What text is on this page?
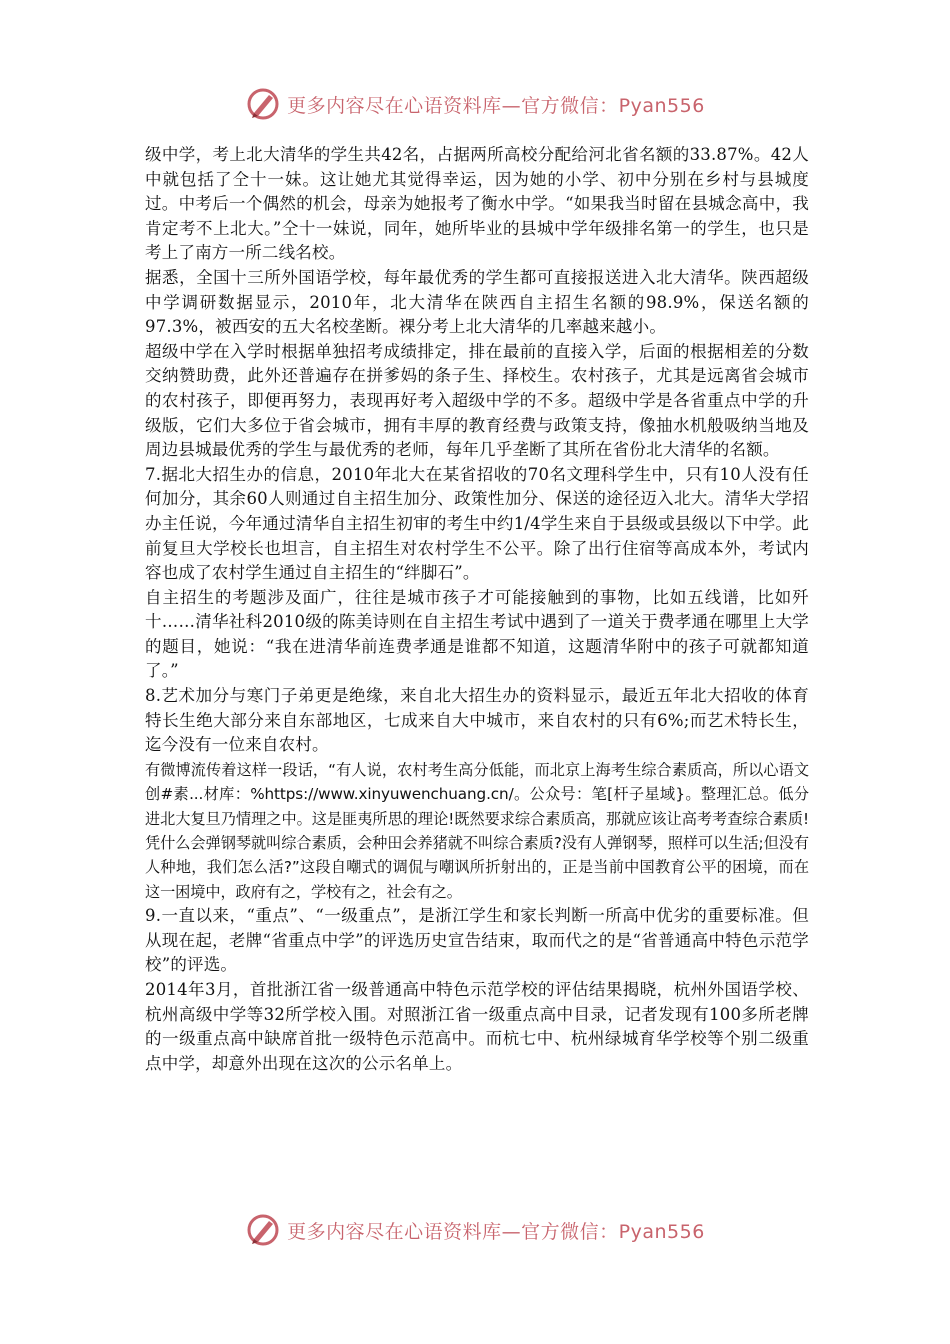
更多内容尽在心语资料库—官方微信：Pyan556

级中学，考上北大清华的学生共42名，占据两所高校分配给河北省名额的33.87%。42人中就包括了仝十一妹。这让她尤其觉得幸运，因为她的小学、初中分别在乡村与县城度过。中考后一个偶然的机会，母亲为她报考了衡水中学。“如果我当时留在县城念高中，我肯定考不上北大。”仝十一妹说，同年，她所毕业的县城中学年级排名第一的学生，也只是考上了南方一所二线名校。

据悉，全国十三所外国语学校，每年最优秀的学生都可直接报送进入北大清华。陕西超级中学调研数据显示，2010年，北大清华在陕西自主招生名额的98.9%，保送名额的97.3%，被西安的五大名校垄断。裸分考上北大清华的几率越来越小。

超级中学在入学时根据单独招考成绩排定，排在最前的直接入学，后面的根据相差的分数交纳赞助费，此外还普遍存在拼爹妈的条子生、择校生。农村孩子，尤其是远离省会城市的农村孩子，即便再努力，表现再好考入超级中学的不多。超级中学是各省重点中学的升级版，它们大多位于省会城市，拥有丰厚的教育经费与政策支持，像抽水机般吸纳当地及周边县城最优秀的学生与最优秀的老师，每年几乎垄断了其所在省份北大清华的名额。

7.据北大招生办的信息，2010年北大在某省招收的70名文理科学生中，只有10人没有任何加分，其余60人则通过自主招生加分、政策性加分、保送的途径迈入北大。清华大学招办主任说，今年通过清华自主招生初审的考生中约1/4学生来自于县级或县级以下中学。此前复旦大学校长也坦言，自主招生对农村学生不公平。除了出行住宿等高成本外，考试内容也成了农村学生通过自主招生的“绊脚石”。

自主招生的考题涉及面广，往往是城市孩子才可能接触到的事物，比如五线谱，比如歼十……清华社科2010级的陈美诗则在自主招生考试中遇到了一道关于费孝通在哪里上大学的题目，她说：“我在进清华前连费孝通是谁都不知道，这题清华附中的孩子可就都知道了。”

8.艺术加分与寒门子弟更是绝缘，来自北大招生办的资料显示，最近五年北大招收的体育特长生绝大部分来自东部地区，七成来自大中城市，来自农村的只有6%;而艺术特长生，迄今没有一位来自农村。

有微博流传着这样一段话，“有人说，农村考生高分低能，而北京上海考生综合素质高，所以心语文创#素...材库：%https://www.xinyuwenchuang.cn/。公众号：笔[杆子星域}。整理汇总。低分进北大复旦乃情理之中。这是匪夷所思的理论!既然要求综合素质高，那就应该让高考考查综合素质!凭什么会弹钢琴就叫综合素质，会种田会养猪就不叫综合素质?没有人弹钢琴，照样可以生活;但没有人种地，我们怎么活?”这段自嘲式的调侃与嘲讽所折射出的，正是当前中国教育公平的困境，而在这一困境中，政府有之，学校有之，社会有之。

9.一直以来，“重点”、“一级重点”，是浙江学生和家长判断一所高中优劣的重要标准。但从现在起，老牌“省重点中学”的评选历史宣告结束，取而代之的是“省普通高中特色示范学校”的评选。

2014年3月，首批浙江省一级普通高中特色示范学校的评估结果揭晓，杭州外国语学校、杭州高级中学等32所学校入围。对照浙江省一级重点高中目录，记者发现有100多所老牌的一级重点高中缺席首批一级特色示范高中。而杭七中、杭州绿城育华学校等个别二级重点中学，却意外出现在这次的公示名单上。

更多内容尽在心语资料库—官方微信：Pyan556
